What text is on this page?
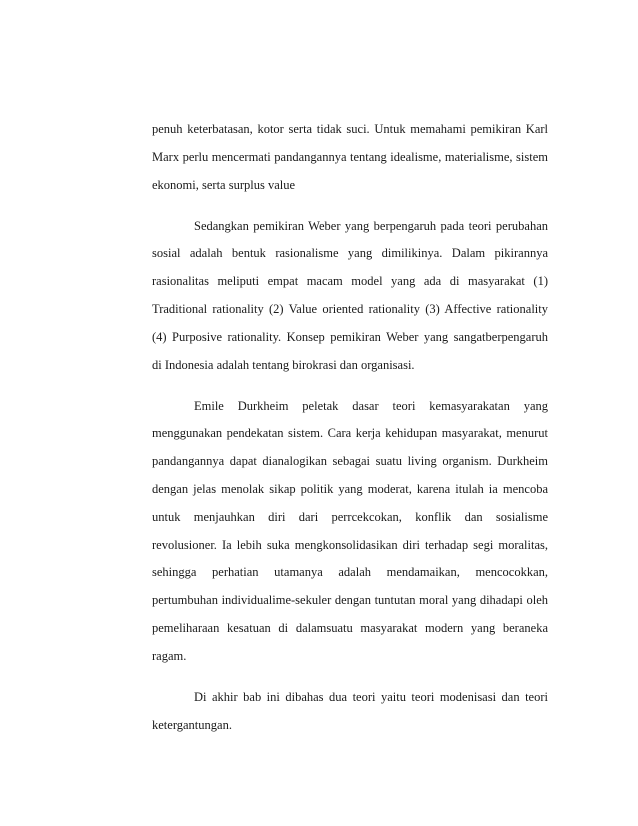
penuh keterbatasan, kotor serta tidak suci. Untuk memahami pemikiran Karl
Marx perlu mencermati pandangannya tentang idealisme, materialisme, sistem
ekonomi, serta surplus value
Sedangkan pemikiran Weber yang berpengaruh pada teori perubahan
sosial adalah bentuk rasionalisme yang dimilikinya. Dalam pikirannya
rasionalitas meliputi empat macam model yang ada di masyarakat (1)
Traditional rationality (2) Value oriented rationality (3) Affective rationality
(4) Purposive rationality. Konsep pemikiran Weber yang sangatberpengaruh
di Indonesia adalah tentang birokrasi dan organisasi.
Emile Durkheim peletak dasar teori kemasyarakatan yang
menggunakan pendekatan sistem. Cara kerja kehidupan masyarakat, menurut
pandangannya dapat dianalogikan sebagai suatu living organism. Durkheim
dengan jelas menolak sikap politik yang moderat, karena itulah ia mencoba
untuk menjauhkan diri dari perrcekcokan, konflik dan sosialisme
revolusioner. Ia lebih suka mengkonsolidasikan diri terhadap segi moralitas,
sehingga perhatian utamanya adalah mendamaikan, mencocokkan,
pertumbuhan individualime-sekuler dengan tuntutan moral yang dihadapi oleh
pemeliharaan kesatuan di dalamsuatu masyarakat modern yang beraneka
ragam.
Di akhir bab ini dibahas dua teori yaitu teori modenisasi dan teori
ketergantungan.
